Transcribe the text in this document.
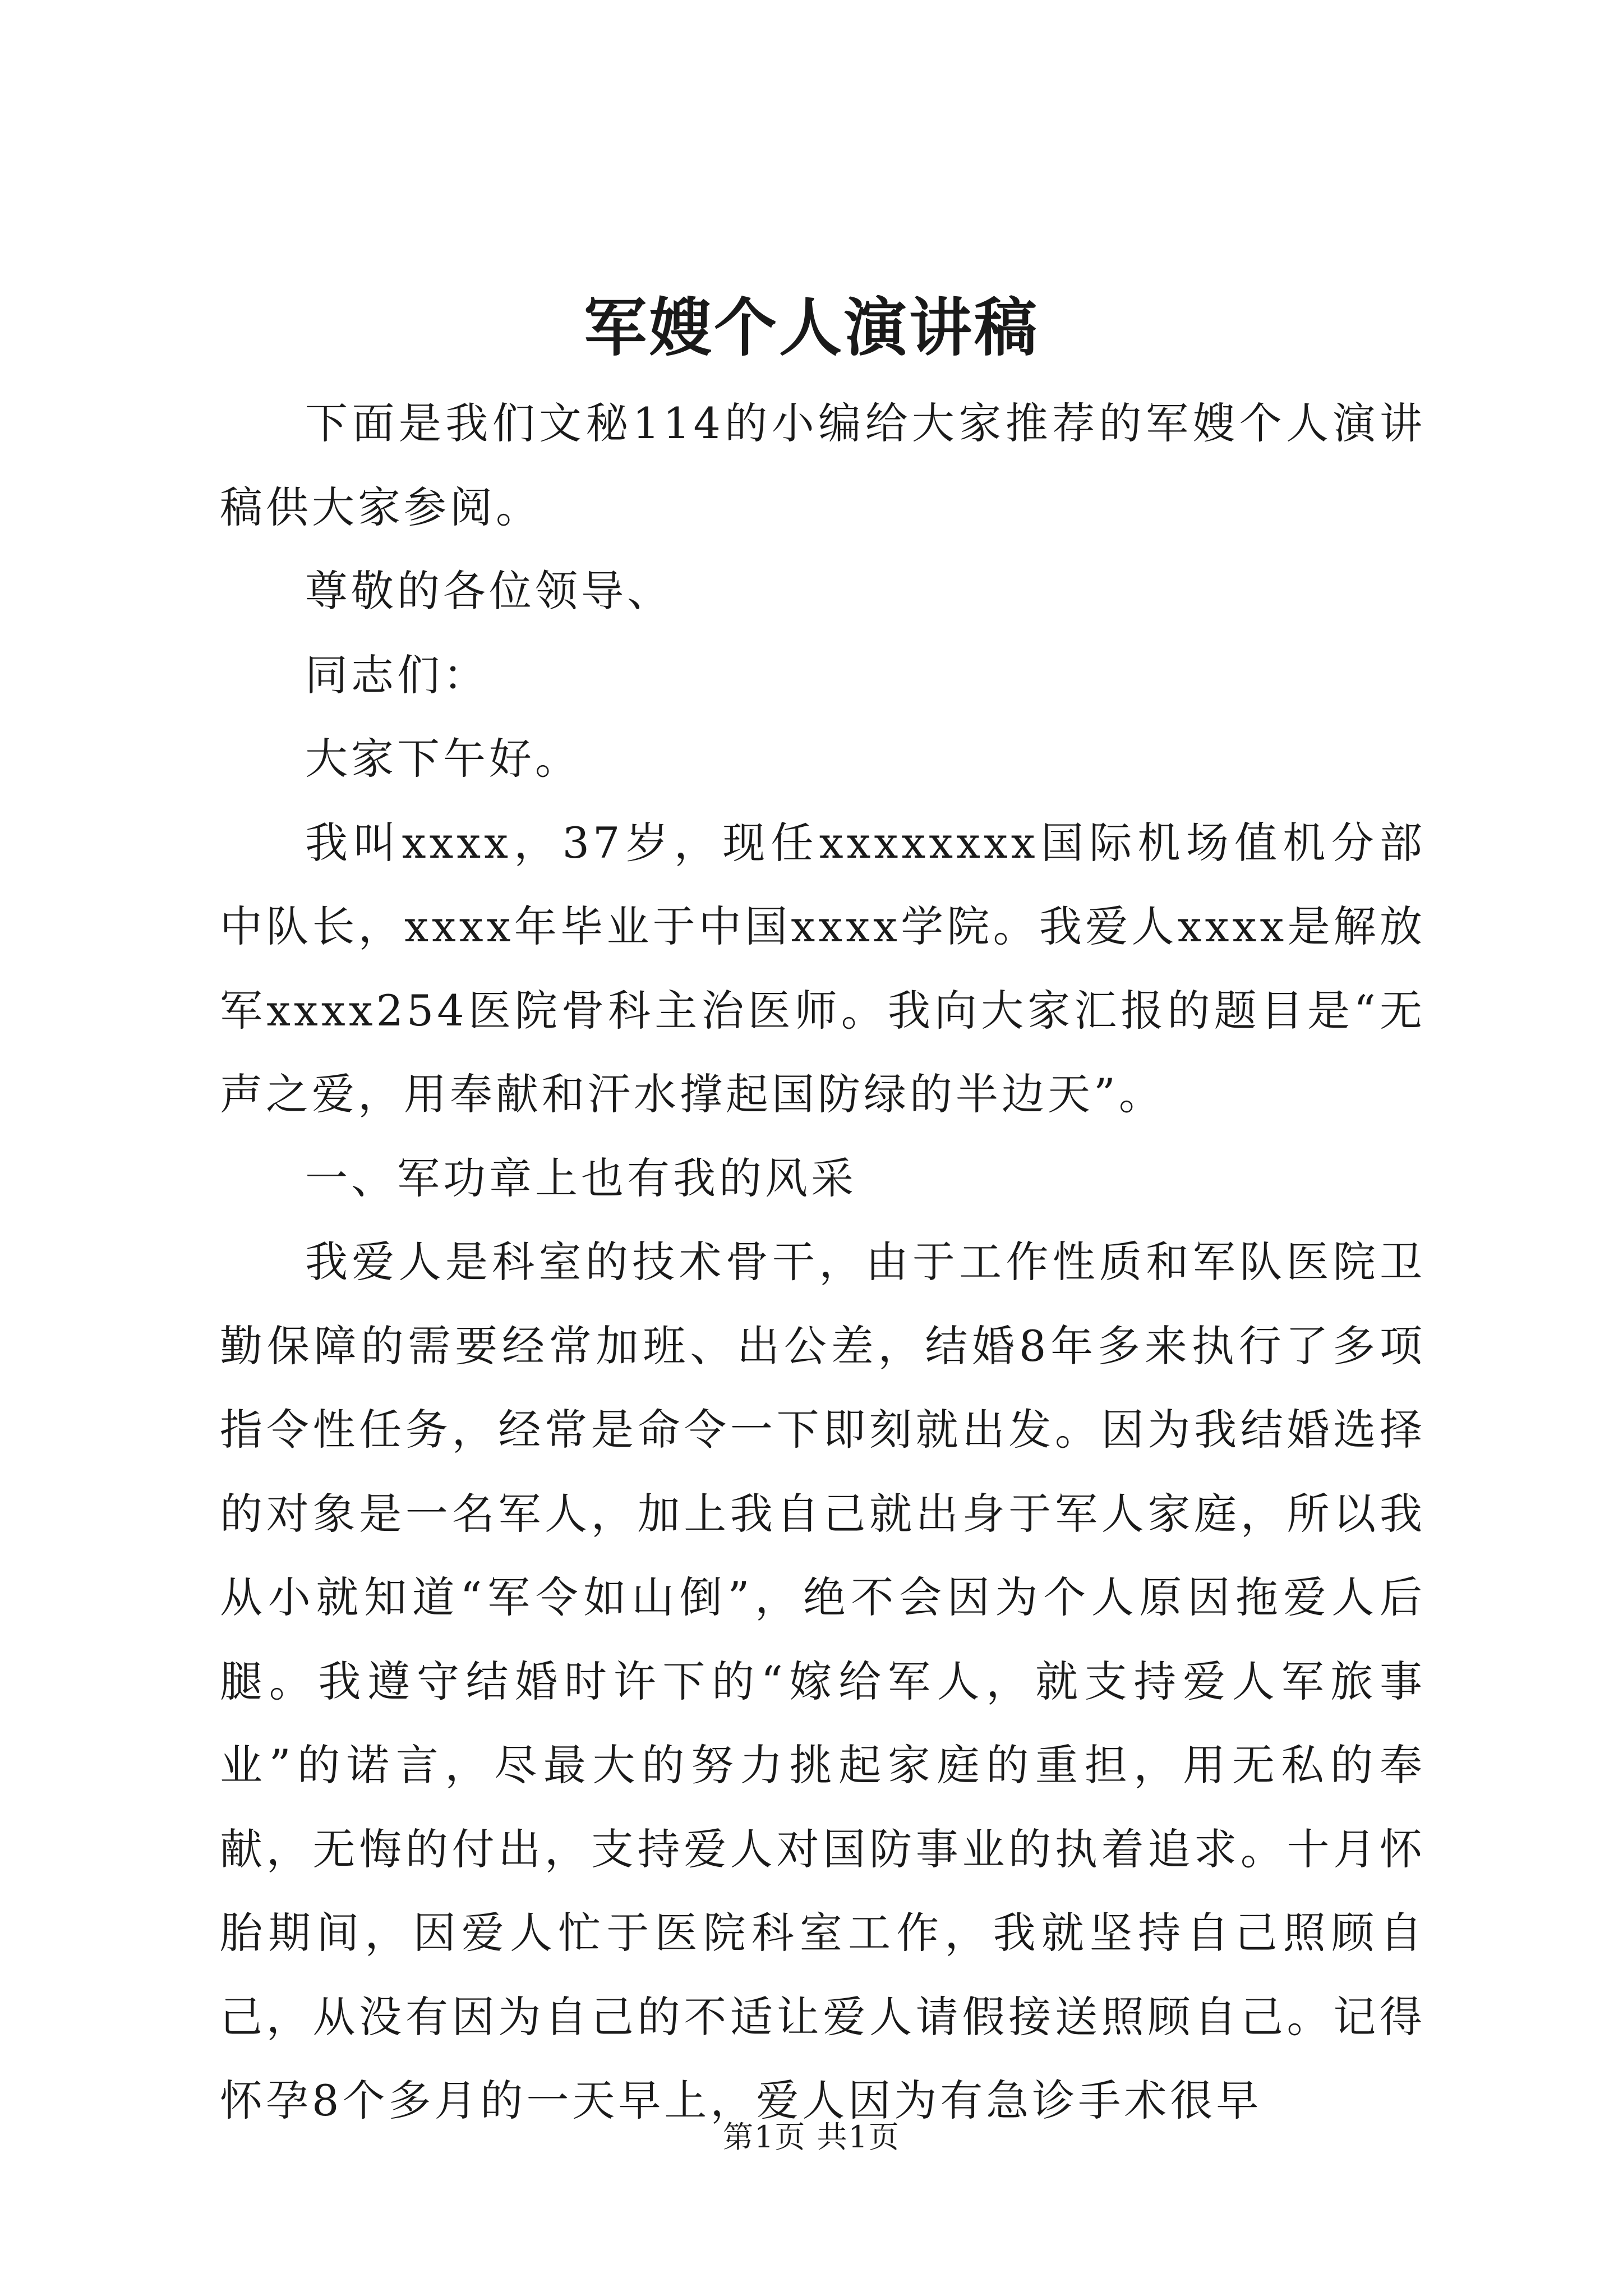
军嫂个人演讲稿

下面是我们文秘114的小编给大家推荐的军嫂个人演讲稿供大家参阅。

尊敬的各位领导、

同志们：

大家下午好。

我叫xxxx，37岁，现任xxxxxxxx国际机场值机分部中队长，xxxx年毕业于中国xxxx学院。我爱人xxxx是解放军xxxx254医院骨科主治医师。我向大家汇报的题目是“无声之爱，用奉献和汗水撑起国防绿的半边天”。

一、军功章上也有我的风采

我爱人是科室的技术骨干，由于工作性质和军队医院卫勤保障的需要经常加班、出公差，结婚8年多来执行了多项指令性任务，经常是命令一下即刻就出发。因为我结婚选择的对象是一名军人，加上我自己就出身于军人家庭，所以我从小就知道“军令如山倒”，绝不会因为个人原因拖爱人后腿。我遵守结婚时许下的“嫁给军人，就支持爱人军旅事业”的诺言，尽最大的努力挑起家庭的重担，用无私的奉献，无悔的付出，支持爱人对国防事业的执着追求。十月怀胎期间，因爱人忙于医院科室工作，我就坚持自己照顾自己，从没有因为自己的不适让爱人请假接送照顾自己。记得怀孕8个多月的一天早上，爱人因为有急诊手术很早

第1页 共1页
